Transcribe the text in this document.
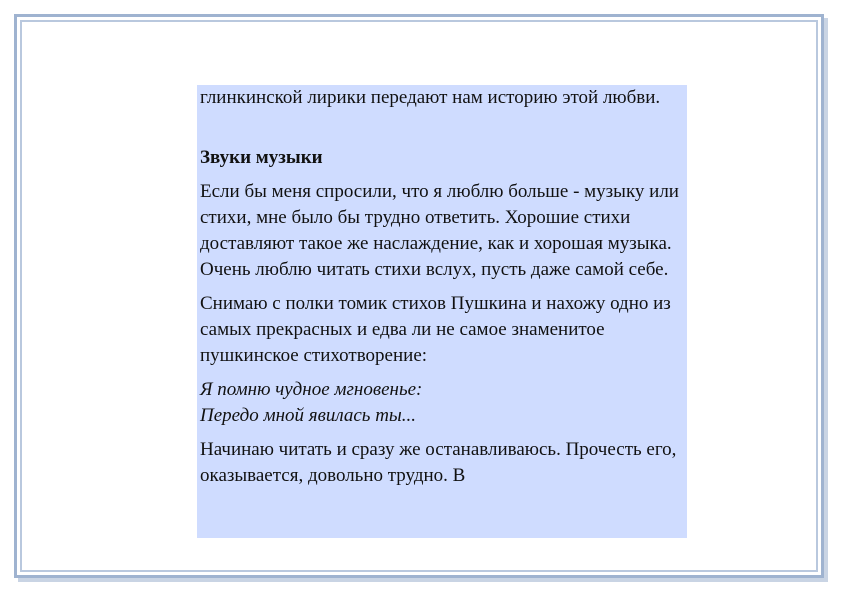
глинкинской лирики передают нам историю этой любви.

Звуки музыки

Если бы меня спросили, что я люблю больше - музыку или стихи, мне было бы трудно ответить. Хорошие стихи доставляют такое же наслаждение, как и хорошая музыка. Очень люблю читать стихи вслух, пусть даже самой себе.

Снимаю с полки томик стихов Пушкина и нахожу одно из самых прекрасных и едва ли не самое знаменитое пушкинское стихотворение:

Я помню чудное мгновенье:

Передо мной явилась ты...

Начинаю читать и сразу же останавливаюсь. Прочесть его, оказывается, довольно трудно. В
